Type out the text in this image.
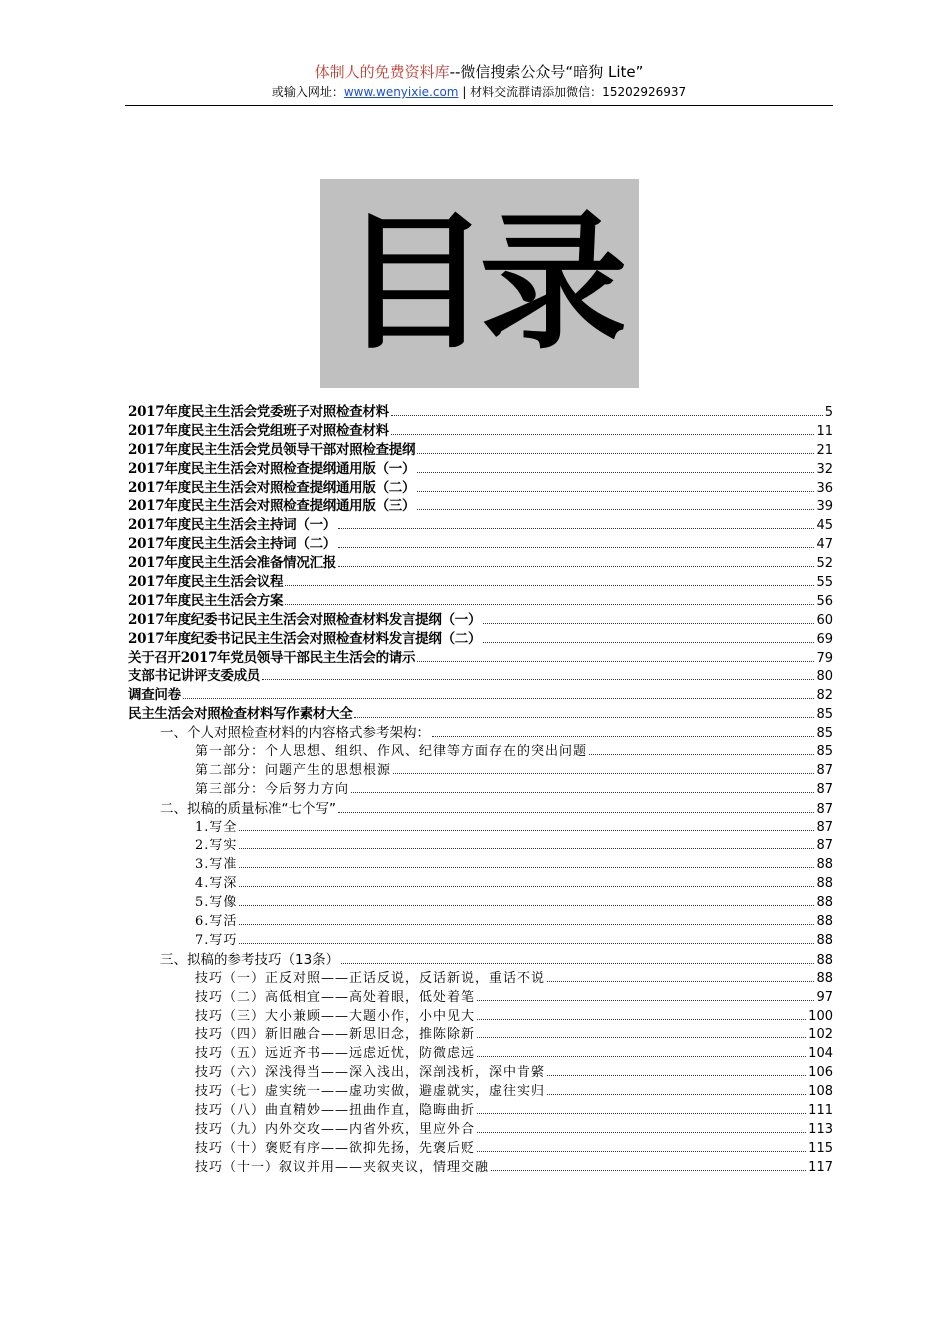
体制人的免费资料库--微信搜索公众号“暗狗 Lite”
或输入网址：www.wenyixie.com | 材料交流群请添加微信：15202926937
目录
2017年度民主生活会党委班子对照检查材料	5
2017年度民主生活会党组班子对照检查材料	11
2017年度民主生活会党员领导干部对照检查提纲	21
2017年度民主生活会对照检查提纲通用版（一）	32
2017年度民主生活会对照检查提纲通用版（二）	36
2017年度民主生活会对照检查提纲通用版（三）	39
2017年度民主生活会主持词（一）	45
2017年度民主生活会主持词（二）	47
2017年度民主生活会准备情况汇报	52
2017年度民主生活会议程	55
2017年度民主生活会方案	56
2017年度纪委书记民主生活会对照检查材料发言提纲（一）	60
2017年度纪委书记民主生活会对照检查材料发言提纲（二）	69
关于召开2017年党员领导干部民主生活会的请示	79
支部书记讲评支委成员	80
调查问卷	82
民主生活会对照检查材料写作素材大全	85
一、个人对照检查材料的内容格式参考架构：	85
第一部分：个人思想、组织、作风、纪律等方面存在的突出问题	85
第二部分：问题产生的思想根源	87
第三部分：今后努力方向	87
二、拟稿的质量标准“七个写”	87
1.写全	87
2.写实	87
3.写准	88
4.写深	88
5.写像	88
6.写活	88
7.写巧	88
三、拟稿的参考技巧（13条）	88
技巧（一）正反对照——正话反说，反话新说，重话不说	88
技巧（二）高低相宜——高处着眼，低处着笔	97
技巧（三）大小兼顾——大题小作，小中见大	100
技巧（四）新旧融合——新思旧念，推陈除新	102
技巧（五）远近齐书——远虑近忧，防微虑远	104
技巧（六）深浅得当——深入浅出，深剖浅析，深中肯綮	106
技巧（七）虚实统一——虚功实做，避虚就实，虚往实归	108
技巧（八）曲直精妙——扭曲作直，隐晦曲折	111
技巧（九）内外交攻——内省外疚，里应外合	113
技巧（十）褒贬有序——欲抑先扬，先褒后贬	115
技巧（十一）叙议并用——夹叙夹议，情理交融	117
